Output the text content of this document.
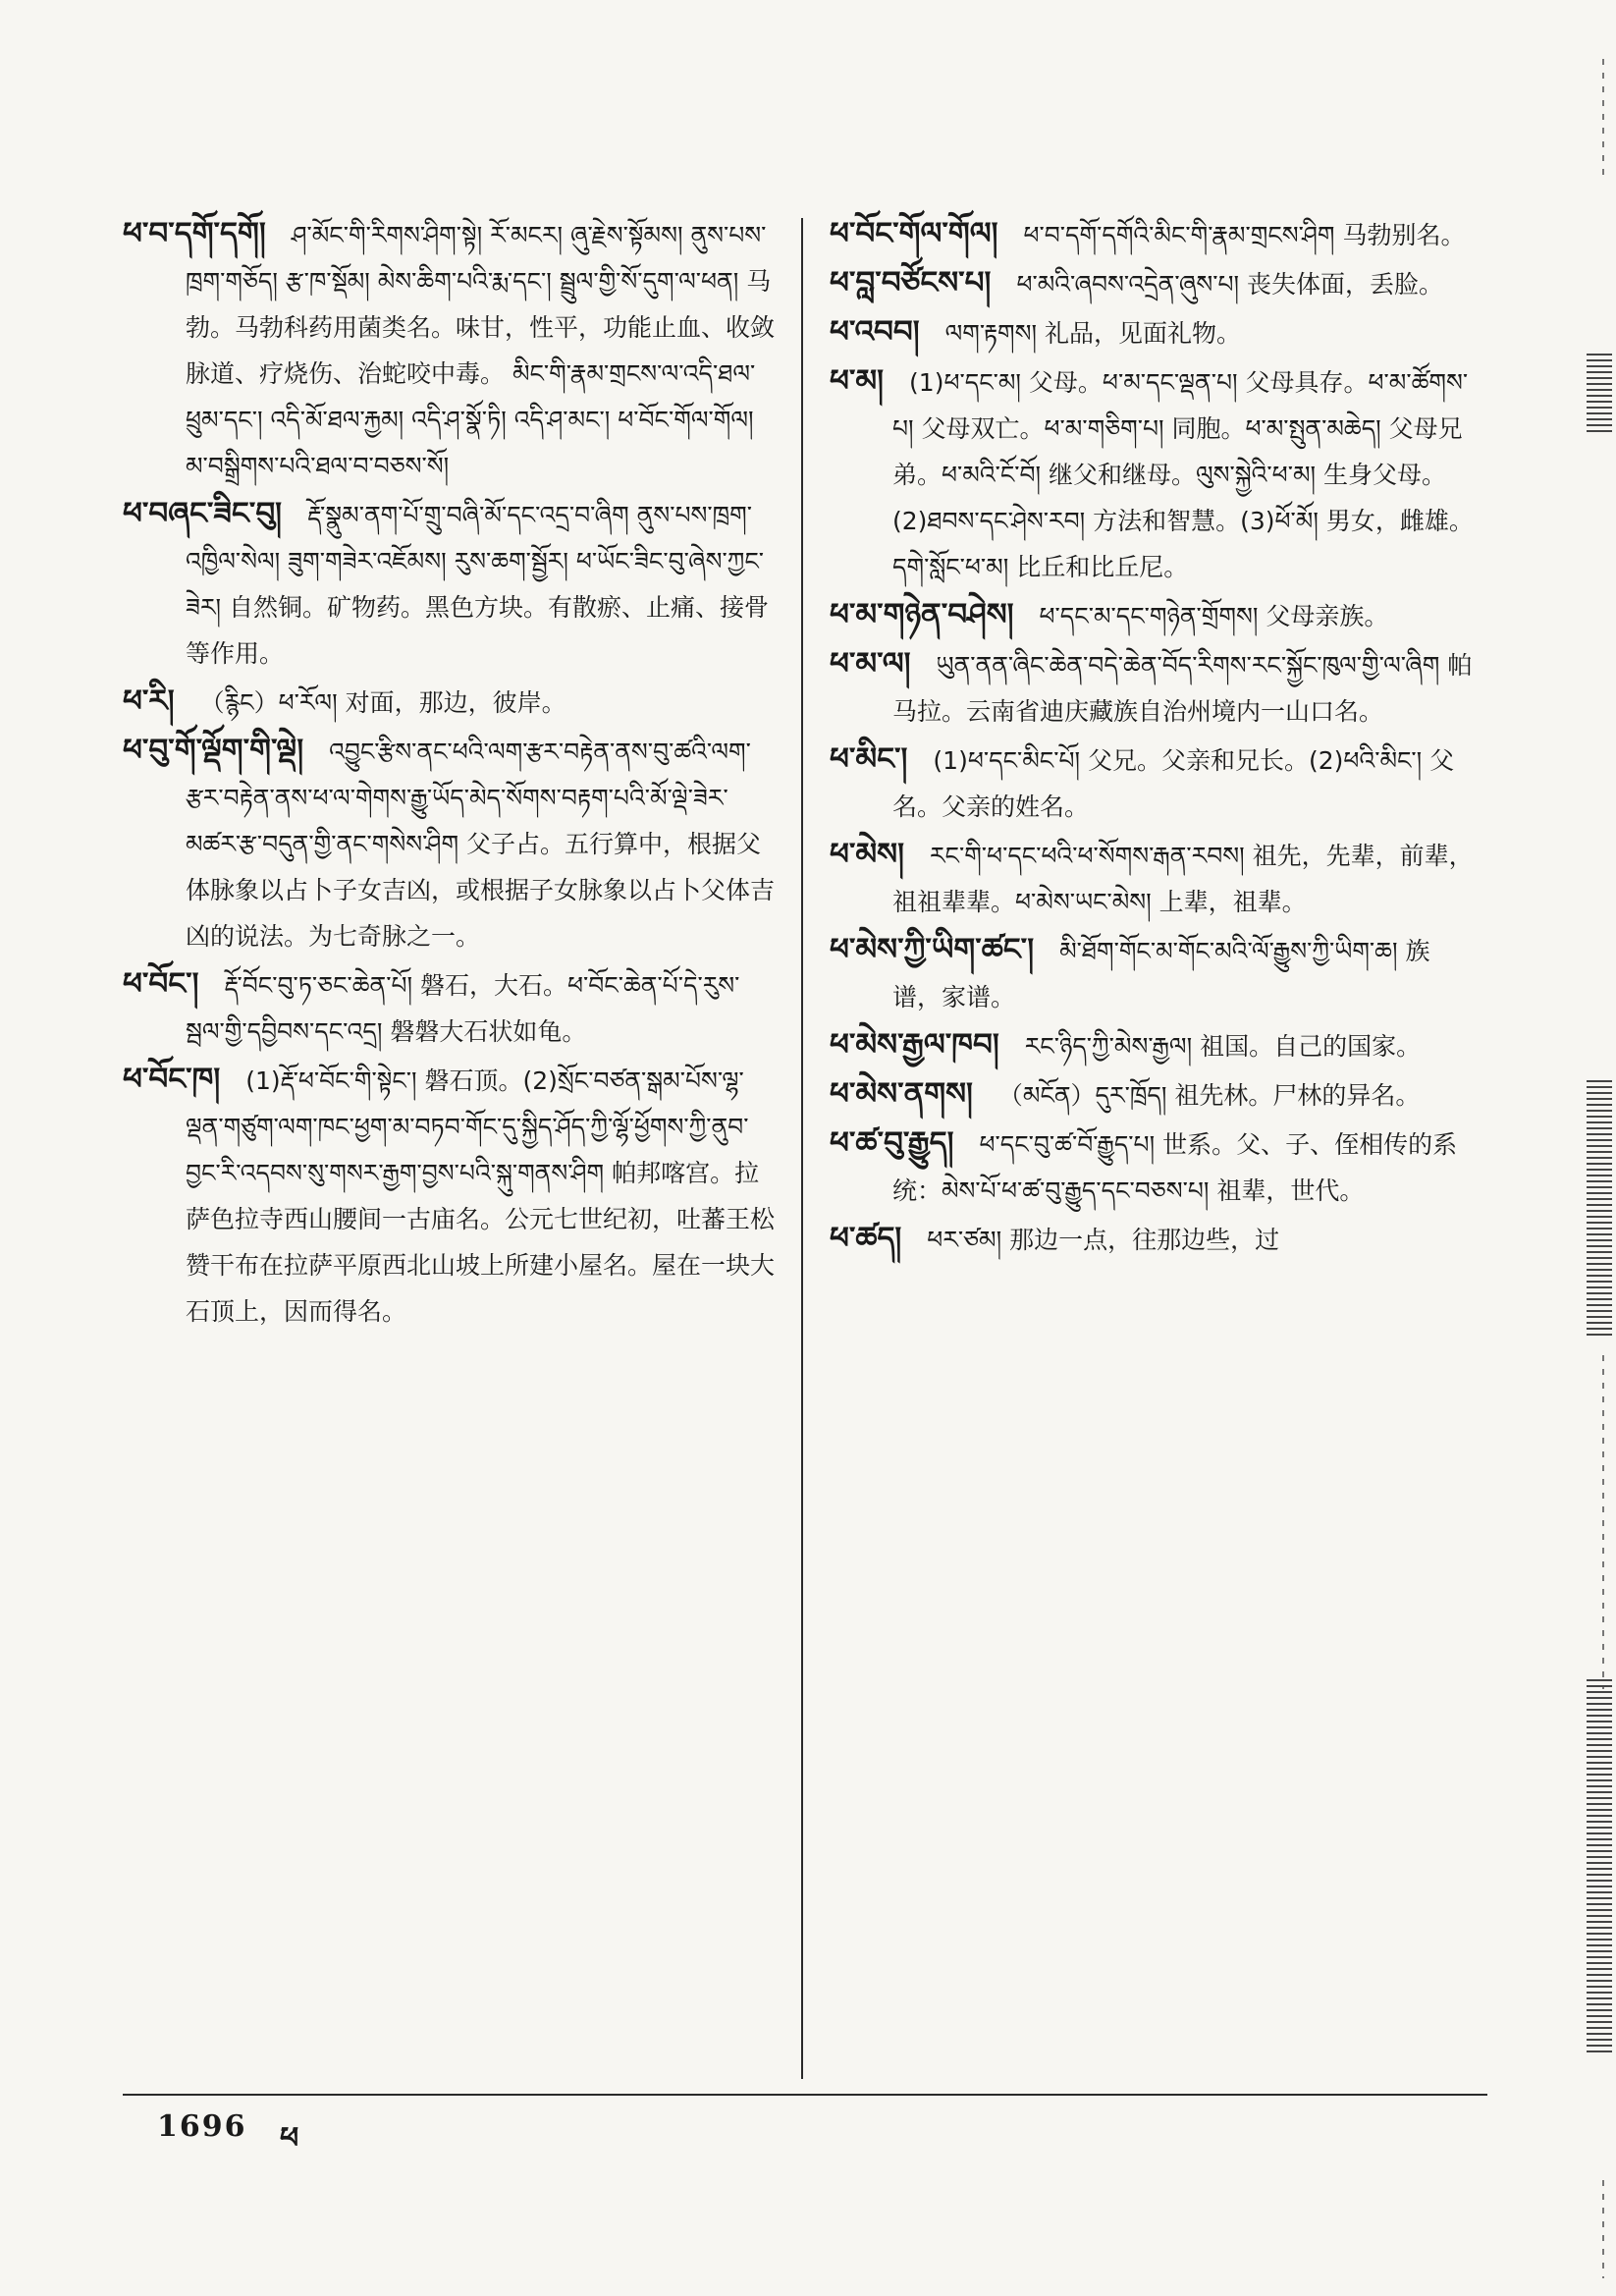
ཕ་བ་དགོ་དགོ། ཤ་མོང་གི་རིགས་ཤིག་སྟེ། རོ་མངར། ཞུ་རྗེས་སྟོམས། ནུས་པས་ཁྲག་གཅོད། རྩ་ཁ་སྡོམ། མེས་ཆིག་པའི་རྨ་དང་། སྦྲུལ་གྱི་སོ་དུག་ལ་ཕན། 马勃。马勃科药用菌类名。味甘，性平，功能止血、收敛脉道、疗烧伤、治蛇咬中毒。 མིང་གི་རྣམ་གྲངས་ལ་འདི་ཐལ་ཕྲུམ་དང་། འདི་མོ་ཐལ་རྐྱམ། འདི་ཤ་སྣོ་ཏི། འདི་ཤ་མང་། ཕ་བོང་གོལ་གོལ། མ་བསྒྲིགས་པའི་ཐལ་བ་བཅས་སོ།

ཕ་བཞང་ཟིང་བུ། རྡོ་སྣུམ་ནག་པོ་གྲུ་བཞི་མོ་དང་འདྲ་བ་ཞིག ནུས་པས་ཁྲག་འཁྱིལ་སེལ། ཟུག་གཟེར་འཇོམས། རུས་ཆག་སྦྱོར། ཕ་ཡོང་ཟིང་བུ་ཞེས་ཀྱང་ཟེར། 自然铜。矿物药。黑色方块。有散瘀、止痛、接骨等作用。

ཕ་རི། （རྙིང）ཕ་རོལ། 对面，那边，彼岸。

ཕ་བུ་གོ་ལྡོག་གི་ལྡེ། འབྱུང་རྩིས་ནང་ཕའི་ལག་རྩར་བརྟེན་ནས་བུ་ཚའི་ལག་རྩར་བརྟེན་ནས་ཕ་ལ་གེགས་རྒྱུ་ཡོད་མེད་སོགས་བརྟག་པའི་མོ་ལྡེ་ཟེར་མཚར་རྩ་བདུན་གྱི་ནང་གསེས་ཤིག 父子占。五行算中，根据父体脉象以占卜子女吉凶，或根据子女脉象以占卜父体吉凶的说法。为七奇脉之一。

ཕ་བོང་། རྡོ་བོང་བུ་ཏ་ཅང་ཆེན་པོ། 磐石，大石。ཕ་བོང་ཆེན་པོ་དེ་རུས་སྦལ་གྱི་དབྱིབས་དང་འདྲ། 磐磐大石状如龟。

ཕ་བོང་ཁ། (1)རྡོ་ཕ་བོང་གི་སྟེང་། 磐石顶。(2)སྲོང་བཙན་སྒམ་པོས་ལྷ་ལྡན་གཙུག་ལག་ཁང་ཕྱག་མ་བཏབ་གོང་དུ་སྐྱིད་ཤོད་ཀྱི་ལྷོ་ཕྱོགས་ཀྱི་ནུབ་བྱང་རི་འདབས་སུ་གསར་རྒྱག་བྱས་པའི་སྐུ་གནས་ཤིག 帕邦喀宫。拉萨色拉寺西山腰间一古庙名。公元七世纪初，吐蕃王松赞干布在拉萨平原西北山坡上所建小屋名。屋在一块大石顶上，因而得名。

ཕ་བོང་གོལ་གོལ། ཕ་བ་དགོ་དགོའི་མིང་གི་རྣམ་གྲངས་ཤིག 马勃别名。

ཕ་བླ་བཙོངས་པ། ཕ་མའི་ཞབས་འདྲེན་ཞུས་པ། 丧失体面，丢脸。

ཕ་འབབ། ལག་རྟགས། 礼品，见面礼物。

ཕ་མ། (1)ཕ་དང་མ། 父母。ཕ་མ་དང་ལྡན་པ། 父母具存。ཕ་མ་ཚོགས་པ། 父母双亡。ཕ་མ་གཅིག་པ། 同胞。ཕ་མ་སྤུན་མཆེད། 父母兄弟。ཕ་མའི་ངོ་བོ། 继父和继母。ལུས་སྐྱེའི་ཕ་མ། 生身父母。(2)ཐབས་དང་ཤེས་རབ། 方法和智慧。(3)ཕོ་མོ། 男女，雌雄。དགེ་སློང་ཕ་མ། 比丘和比丘尼。

ཕ་མ་གཉེན་བཤེས། ཕ་དང་མ་དང་གཉེན་གྲོགས། 父母亲族。

ཕ་མ་ལ། ཡུན་ནན་ཞིང་ཆེན་བདེ་ཆེན་བོད་རིགས་རང་སྐྱོང་ཁུལ་གྱི་ལ་ཞིག 帕马拉。云南省迪庆藏族自治州境内一山口名。

ཕ་མིང་། (1)ཕ་དང་མིང་པོ། 父兄。父亲和兄长。(2)ཕའི་མིང་། 父名。父亲的姓名。

ཕ་མེས། རང་གི་ཕ་དང་ཕའི་ཕ་སོགས་རྒན་རབས། 祖先，先辈，前辈，祖祖辈辈。ཕ་མེས་ཡང་མེས། 上辈，祖辈。

ཕ་མེས་ཀྱི་ཡིག་ཚང་། མི་ཐོག་གོང་མ་གོང་མའི་ལོ་རྒྱུས་ཀྱི་ཡིག་ཆ། 族谱，家谱。

ཕ་མེས་རྒྱལ་ཁབ། རང་ཉིད་ཀྱི་མེས་རྒྱལ། 祖国。自己的国家。

ཕ་མེས་ནགས། （མངོན）དུར་ཁྲོད། 祖先林。尸林的异名。

ཕ་ཚ་བུ་རྒྱུད། ཕ་དང་བུ་ཚ་བོ་རྒྱུད་པ། 世系。父、子、侄相传的系统：མེས་པོ་ཕ་ཚ་བུ་རྒྱུད་དང་བཅས་པ། 祖辈，世代。

ཕ་ཚད། ཕར་ཙམ། 那边一点，往那边些，过

1696 ཕ
